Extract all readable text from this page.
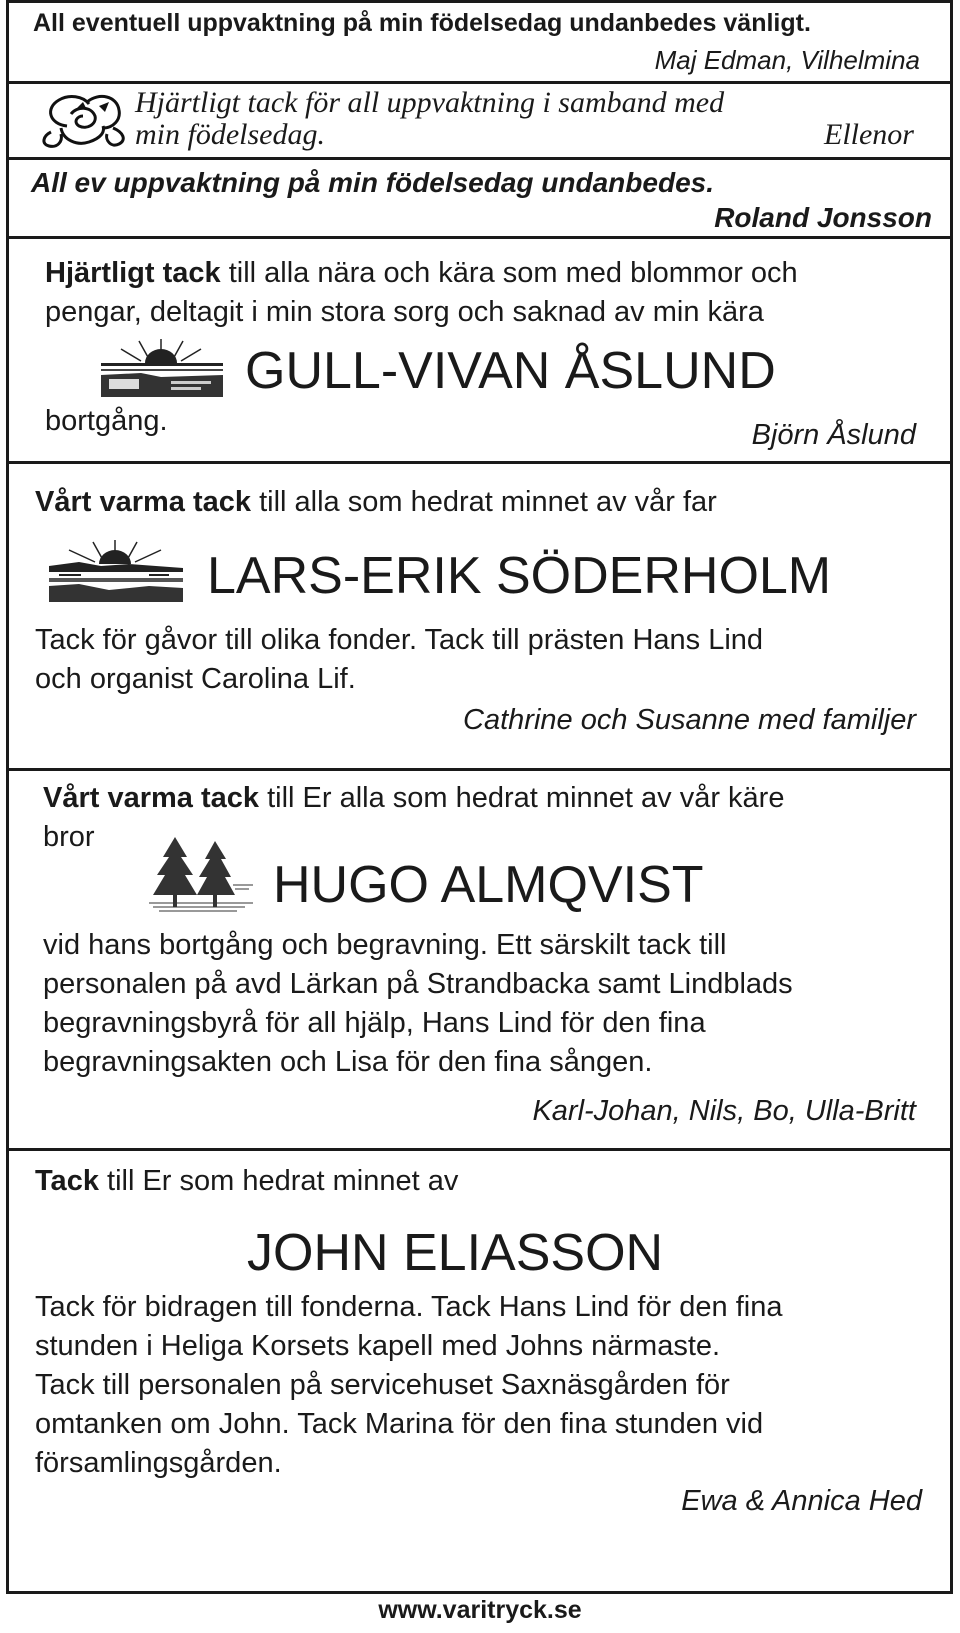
All eventuell uppvaktning på min födelsedag undanbedes vänligt.
Maj Edman, Vilhelmina
Hjärtligt tack för all uppvaktning i samband med
min födelsedag.	Ellenor
All ev uppvaktning på min födelsedag undanbedes.
Roland Jonsson
Hjärtligt tack till alla nära och kära som med blommor och
pengar, deltagit i min stora sorg och saknad av min kära
GULL-VIVAN ÅSLUND
bortgång.	Björn Åslund
Vårt varma tack till alla som hedrat minnet av vår far
LARS-ERIK SÖDERHOLM
Tack för gåvor till olika fonder. Tack till prästen Hans Lind
och organist Carolina Lif.
Cathrine och Susanne med familjer
Vårt varma tack till Er alla som hedrat minnet av vår käre
bror
HUGO ALMQVIST
vid hans bortgång och begravning. Ett särskilt tack till
personalen på avd Lärkan på Strandbacka samt Lindblads
begravningsbyrå för all hjälp, Hans Lind för den fina
begravningsakten och Lisa för den fina sången.
Karl-Johan, Nils, Bo, Ulla-Britt
Tack till Er som hedrat minnet av
JOHN ELIASSON
Tack för bidragen till fonderna. Tack Hans Lind för den fina
stunden i Heliga Korsets kapell med Johns närmaste.
Tack till personalen på servicehuset Saxnäsgården för
omtanken om John. Tack Marina för den fina stunden vid
församlingsgården.
Ewa & Annica Hed
www.varitryck.se
